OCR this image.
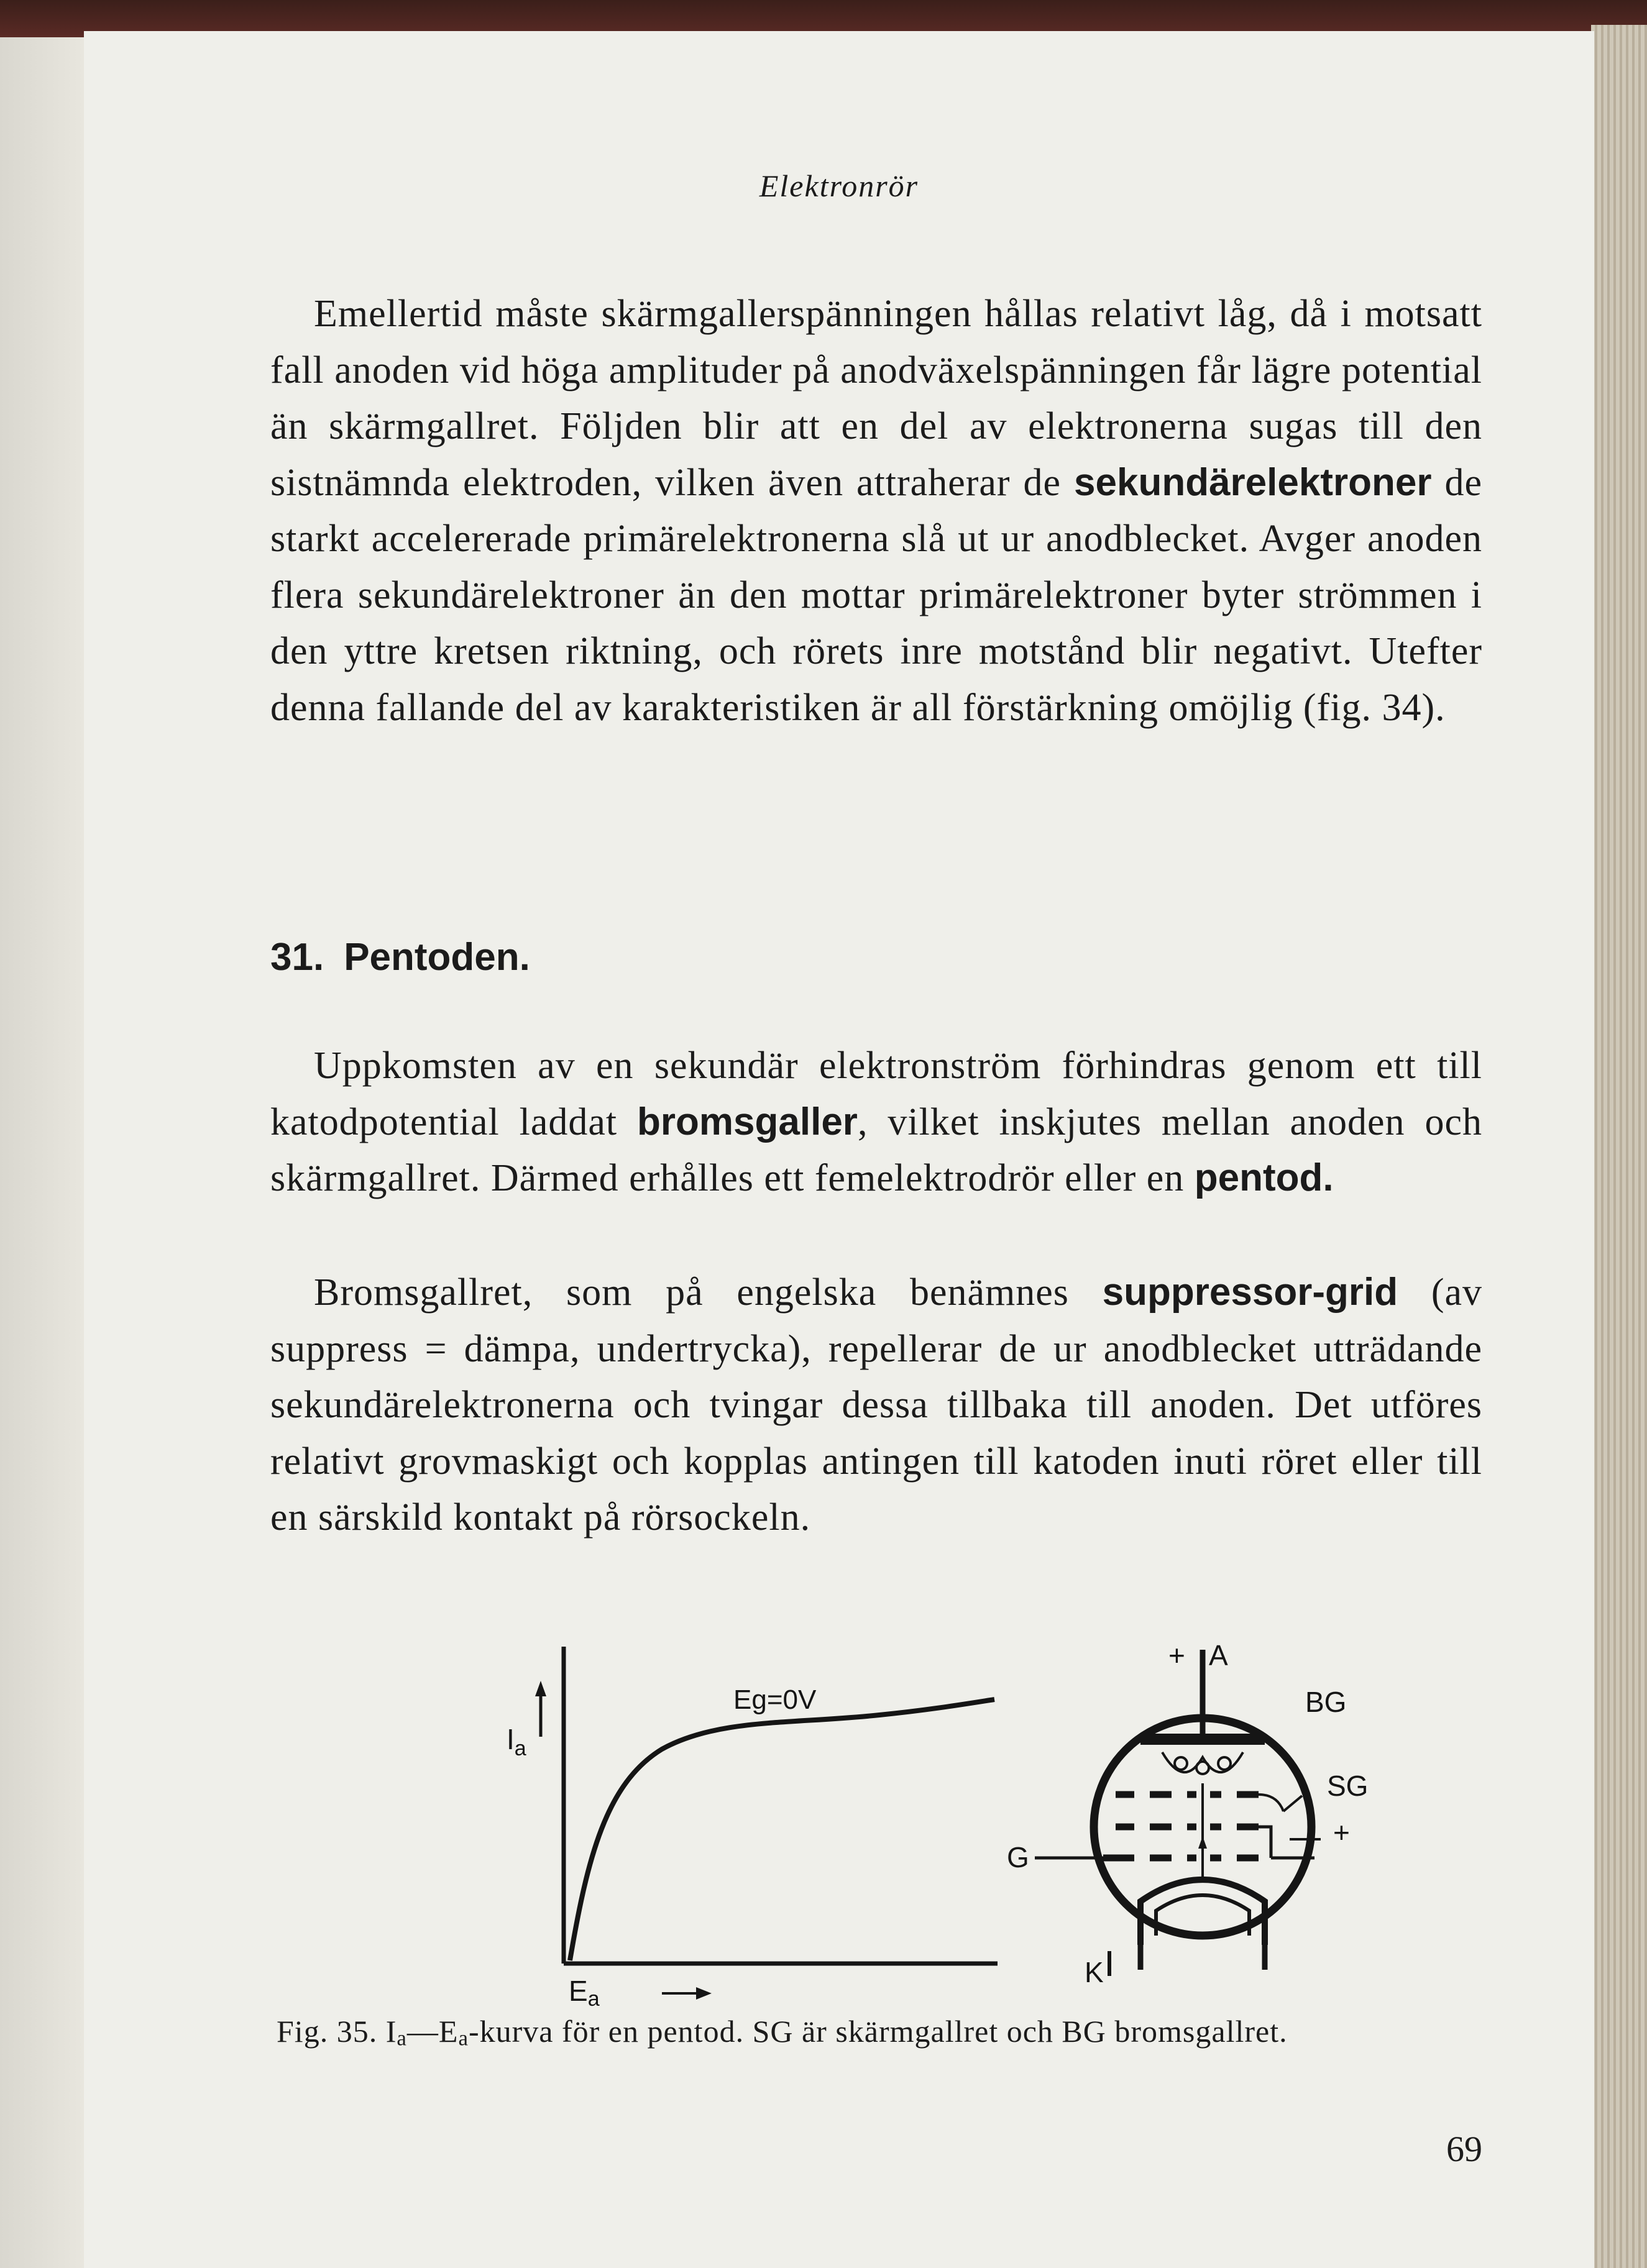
Elektronrör

Emellertid måste skärmgallerspänningen hållas relativt låg, då i motsatt fall anoden vid höga amplituder på anodväxelspänningen får lägre potential än skärmgallret. Följden blir att en del av elektronerna sugas till den sistnämnda elektroden, vilken även attraherar de sekundärelektroner de starkt accelererade primärelektronerna slå ut ur anodblecket. Avger anoden flera sekundärelektroner än den mottar primärelektroner byter strömmen i den yttre kretsen riktning, och rörets inre motstånd blir negativt. Utefter denna fallande del av karakteristiken är all förstärkning omöjlig (fig. 34).

31. Pentoden.

Uppkomsten av en sekundär elektronström förhindras genom ett till katodpotential laddat bromsgaller, vilket inskjutes mellan anoden och skärmgallret. Därmed erhålles ett femelektrodrör eller en pentod.

Bromsgallret, som på engelska benämnes suppressor-grid (av suppress = dämpa, undertrycka), repellerar de ur anodblecket utträdande sekundärelektronerna och tvingar dessa tillbaka till anoden. Det utföres relativt grovmaskigt och kopplas antingen till katoden inuti röret eller till en särskild kontakt på rörsockeln.

$I_a$
Ea
Eg=0V
+ A
BG
SG
+
G
K
Fig. 35. $I_a—E_a$-kurva för en pentod. SG är skärmgallret och BG bromsgallret.
69
